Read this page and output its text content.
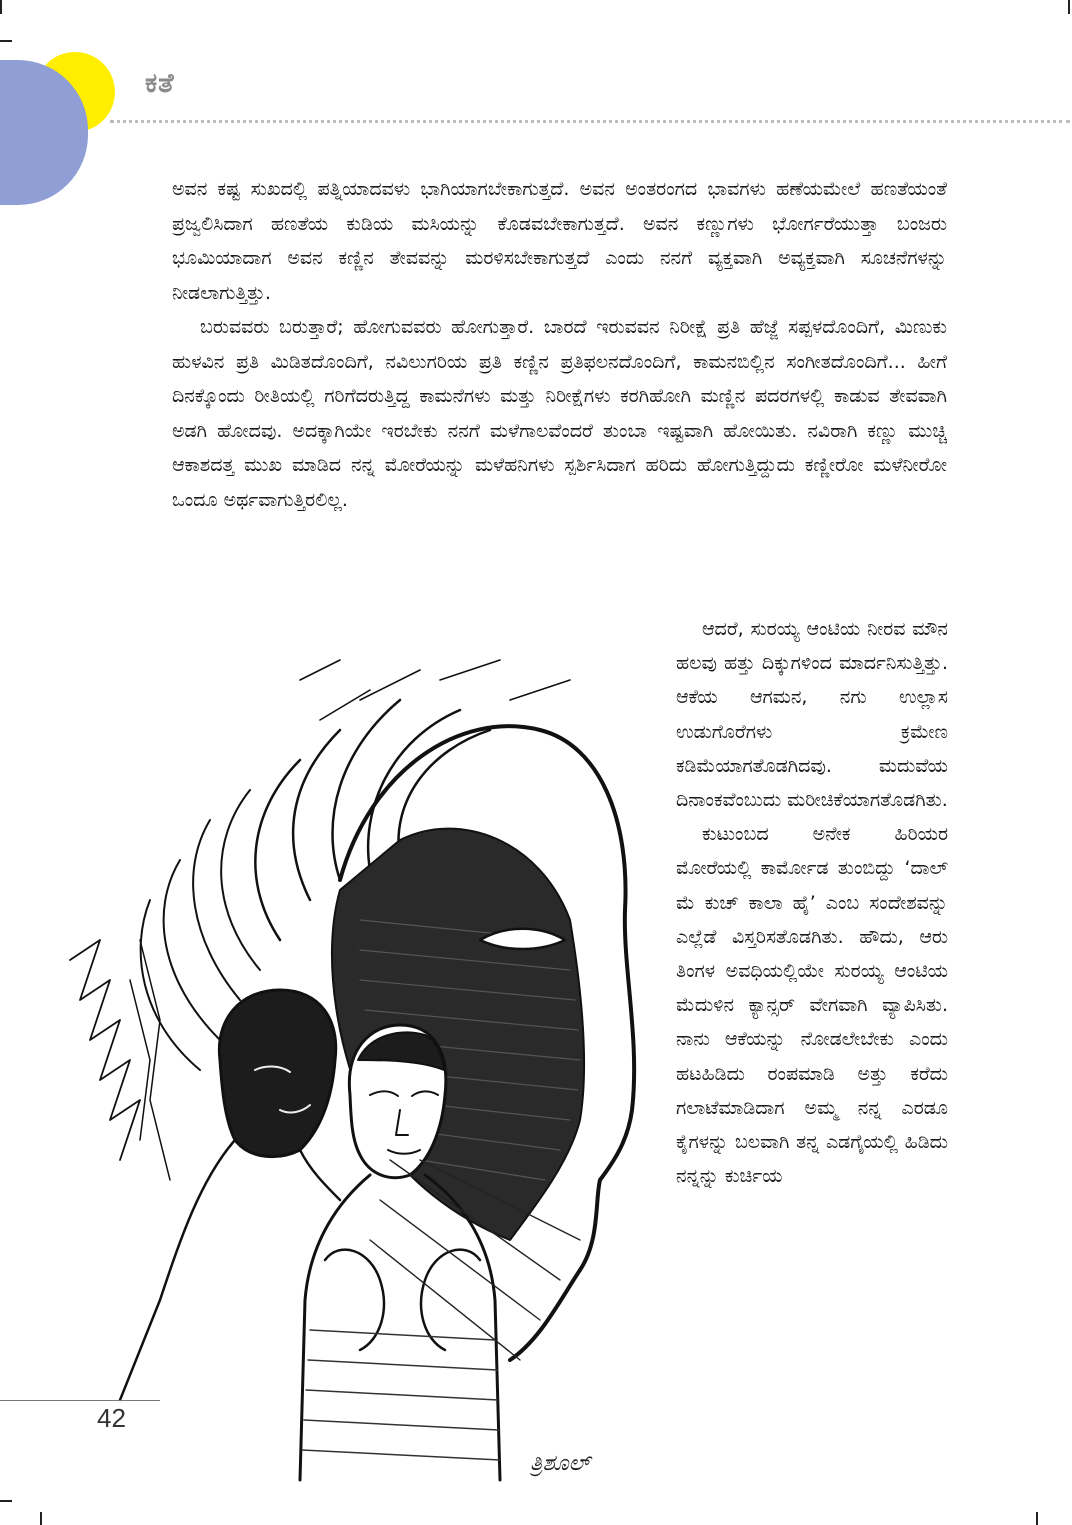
ಕತೆ

ಅವನ ಕಷ್ಟ ಸುಖದಲ್ಲಿ ಪತ್ನಿಯಾದವಳು ಭಾಗಿಯಾಗಬೇಕಾಗುತ್ತದೆ. ಅವನ ಅಂತರಂಗದ ಭಾವಗಳು ಹಣೆಯಮೇಲೆ ಹಣತೆಯಂತೆ ಪ್ರಜ್ವಲಿಸಿದಾಗ ಹಣತೆಯ ಕುಡಿಯ ಮಸಿಯನ್ನು ಕೊಡವಬೇಕಾಗುತ್ತದೆ. ಅವನ ಕಣ್ಣುಗಳು ಭೋರ್ಗರೆಯುತ್ತಾ ಬಂಜರು ಭೂಮಿಯಾದಾಗ ಅವನ ಕಣ್ಣಿನ ತೇವವನ್ನು ಮರಳಿಸಬೇಕಾಗುತ್ತದೆ ಎಂದು ನನಗೆ ವ್ಯಕ್ತವಾಗಿ ಅವ್ಯಕ್ತವಾಗಿ ಸೂಚನೆಗಳನ್ನು ನೀಡಲಾಗುತ್ತಿತ್ತು.

ಬರುವವರು ಬರುತ್ತಾರೆ; ಹೋಗುವವರು ಹೋಗುತ್ತಾರೆ. ಬಾರದೆ ಇರುವವನ ನಿರೀಕ್ಷೆ ಪ್ರತಿ ಹೆಜ್ಜೆ ಸಪ್ಪಳದೊಂದಿಗೆ, ಮಿಣುಕು ಹುಳವಿನ ಪ್ರತಿ ಮಿಡಿತದೊಂದಿಗೆ, ನವಿಲುಗರಿಯ ಪ್ರತಿ ಕಣ್ಣಿನ ಪ್ರತಿಫಲನದೊಂದಿಗೆ, ಕಾಮನಬಿಲ್ಲಿನ ಸಂಗೀತದೊಂದಿಗೆ... ಹೀಗೆ ದಿನಕ್ಕೊಂದು ರೀತಿಯಲ್ಲಿ ಗರಿಗೆದರುತ್ತಿದ್ದ ಕಾಮನೆಗಳು ಮತ್ತು ನಿರೀಕ್ಷೆಗಳು ಕರಗಿಹೋಗಿ ಮಣ್ಣಿನ ಪದರಗಳಲ್ಲಿ ಕಾಡುವ ತೇವವಾಗಿ ಅಡಗಿ ಹೋದವು. ಅದಕ್ಕಾಗಿಯೇ ಇರಬೇಕು ನನಗೆ ಮಳೆಗಾಲವೆಂದರೆ ತುಂಬಾ ಇಷ್ಟವಾಗಿ ಹೋಯಿತು. ನವಿರಾಗಿ ಕಣ್ಣು ಮುಚ್ಚಿ ಆಕಾಶದತ್ತ ಮುಖ ಮಾಡಿದ ನನ್ನ ಮೋರೆಯನ್ನು ಮಳೆಹನಿಗಳು ಸ್ಪರ್ಶಿಸಿದಾಗ ಹರಿದು ಹೋಗುತ್ತಿದ್ದುದು ಕಣ್ಣೀರೋ ಮಳೆನೀರೋ ಒಂದೂ ಅರ್ಥವಾಗುತ್ತಿರಲಿಲ್ಲ.

ಆದರೆ, ಸುರಯ್ಯ ಆಂಟಿಯ ನೀರವ ಮೌನ ಹಲವು ಹತ್ತು ದಿಕ್ಕುಗಳಿಂದ ಮಾರ್ದನಿಸುತ್ತಿತ್ತು. ಆಕೆಯ ಆಗಮನ, ನಗು ಉಲ್ಲಾಸ ಉಡುಗೊರೆಗಳು ಕ್ರಮೇಣ ಕಡಿಮೆಯಾಗತೊಡಗಿದವು. ಮದುವೆಯ ದಿನಾಂಕವೆಂಬುದು ಮರೀಚಿಕೆಯಾಗತೊಡಗಿತು.

ಕುಟುಂಬದ ಅನೇಕ ಹಿರಿಯರ ಮೋರೆಯಲ್ಲಿ ಕಾರ್ಮೋಡ ತುಂಬಿದ್ದು ‘ದಾಲ್ ಮೆ ಕುಚ್ ಕಾಲಾ ಹೈ’ ಎಂಬ ಸಂದೇಶವನ್ನು ಎಲ್ಲೆಡೆ ವಿಸ್ತರಿಸತೊಡಗಿತು. ಹೌದು, ಆರು ತಿಂಗಳ ಅವಧಿಯಲ್ಲಿಯೇ ಸುರಯ್ಯ ಆಂಟಿಯ ಮೆದುಳಿನ ಕ್ಯಾನ್ಸರ್ ವೇಗವಾಗಿ ವ್ಯಾಪಿಸಿತು. ನಾನು ಆಕೆಯನ್ನು ನೋಡಲೇಬೇಕು ಎಂದು ಹಟಹಿಡಿದು ರಂಪಮಾಡಿ ಅತ್ತು ಕರೆದು ಗಲಾಟೆಮಾಡಿದಾಗ ಅಮ್ಮ ನನ್ನ ಎರಡೂ ಕೈಗಳನ್ನು ಬಲವಾಗಿ ತನ್ನ ಎಡಗೈಯಲ್ಲಿ ಹಿಡಿದು ನನ್ನನ್ನು ಕುರ್ಚಿಯ

ತ್ರಿಶೂಲ್
42
